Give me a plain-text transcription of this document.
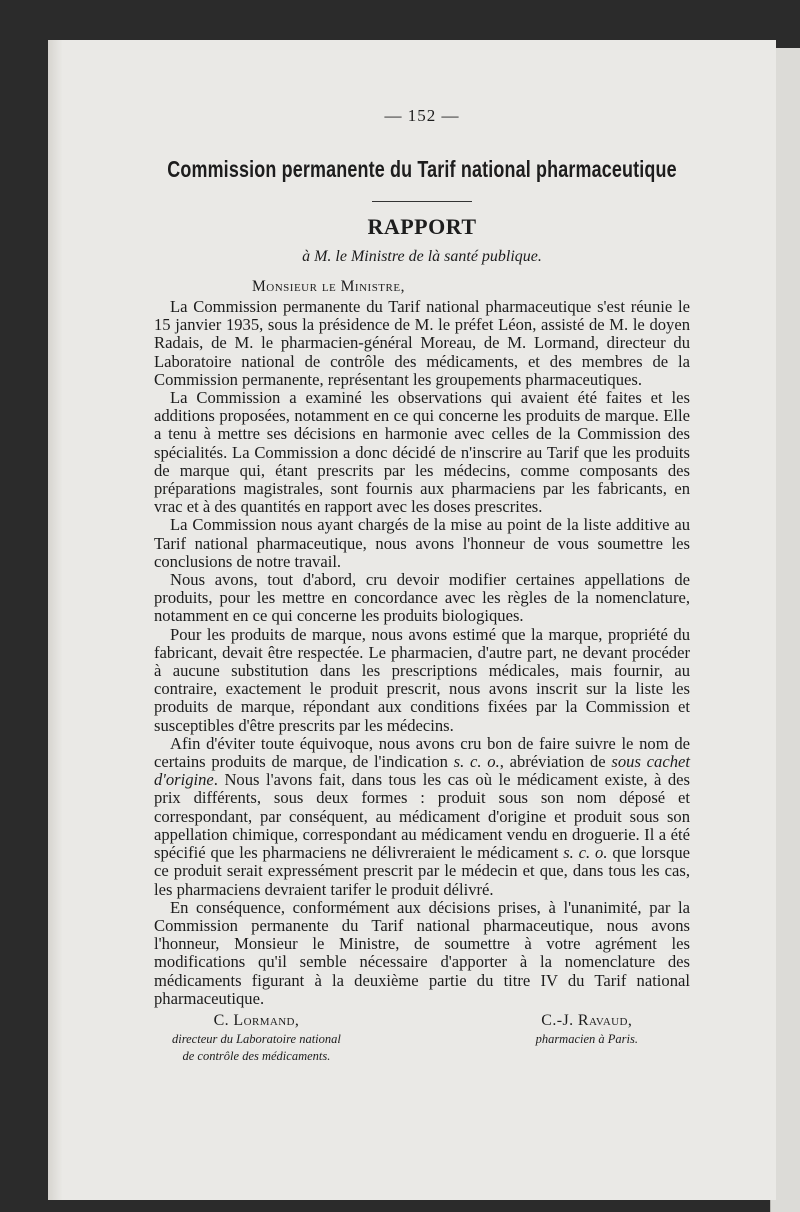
— 152 —
Commission permanente du Tarif national pharmaceutique
RAPPORT
à M. le Ministre de là santé publique.
Monsieur le Ministre,

La Commission permanente du Tarif national pharmaceutique s'est réunie le 15 janvier 1935, sous la présidence de M. le préfet Léon, assisté de M. le doyen Radais, de M. le pharmacien-général Moreau, de M. Lormand, directeur du Laboratoire national de contrôle des médicaments, et des membres de la Commission permanente, représentant les groupements pharmaceutiques.

La Commission a examiné les observations qui avaient été faites et les additions proposées, notamment en ce qui concerne les produits de marque. Elle a tenu à mettre ses décisions en harmonie avec celles de la Commission des spécialités. La Commission a donc décidé de n'inscrire au Tarif que les produits de marque qui, étant prescrits par les médecins, comme composants des préparations magistrales, sont fournis aux pharmaciens par les fabricants, en vrac et à des quantités en rapport avec les doses prescrites.

La Commission nous ayant chargés de la mise au point de la liste additive au Tarif national pharmaceutique, nous avons l'honneur de vous soumettre les conclusions de notre travail.

Nous avons, tout d'abord, cru devoir modifier certaines appellations de produits, pour les mettre en concordance avec les règles de la nomenclature, notamment en ce qui concerne les produits biologiques.

Pour les produits de marque, nous avons estimé que la marque, propriété du fabricant, devait être respectée. Le pharmacien, d'autre part, ne devant procéder à aucune substitution dans les prescriptions médicales, mais fournir, au contraire, exactement le produit prescrit, nous avons inscrit sur la liste les produits de marque, répondant aux conditions fixées par la Commission et susceptibles d'être prescrits par les médecins.

Afin d'éviter toute équivoque, nous avons cru bon de faire suivre le nom de certains produits de marque, de l'indication s. c. o., abréviation de sous cachet d'origine. Nous l'avons fait, dans tous les cas où le médicament existe, à des prix différents, sous deux formes : produit sous son nom déposé et correspondant, par conséquent, au médicament d'origine et produit sous son appellation chimique, correspondant au médicament vendu en droguerie. Il a été spécifié que les pharmaciens ne délivreraient le médicament s. c. o. que lorsque ce produit serait expressément prescrit par le médecin et que, dans tous les cas, les pharmaciens devraient tarifer le produit délivré.

En conséquence, conformément aux décisions prises, à l'unanimité, par la Commission permanente du Tarif national pharmaceutique, nous avons l'honneur, Monsieur le Ministre, de soumettre à votre agrément les modifications qu'il semble nécessaire d'apporter à la nomenclature des médicaments figurant à la deuxième partie du titre IV du Tarif national pharmaceutique.

C. Lormand,
directeur du Laboratoire national
de contrôle des médicaments.
C.-J. Ravaud,
pharmacien à Paris.
